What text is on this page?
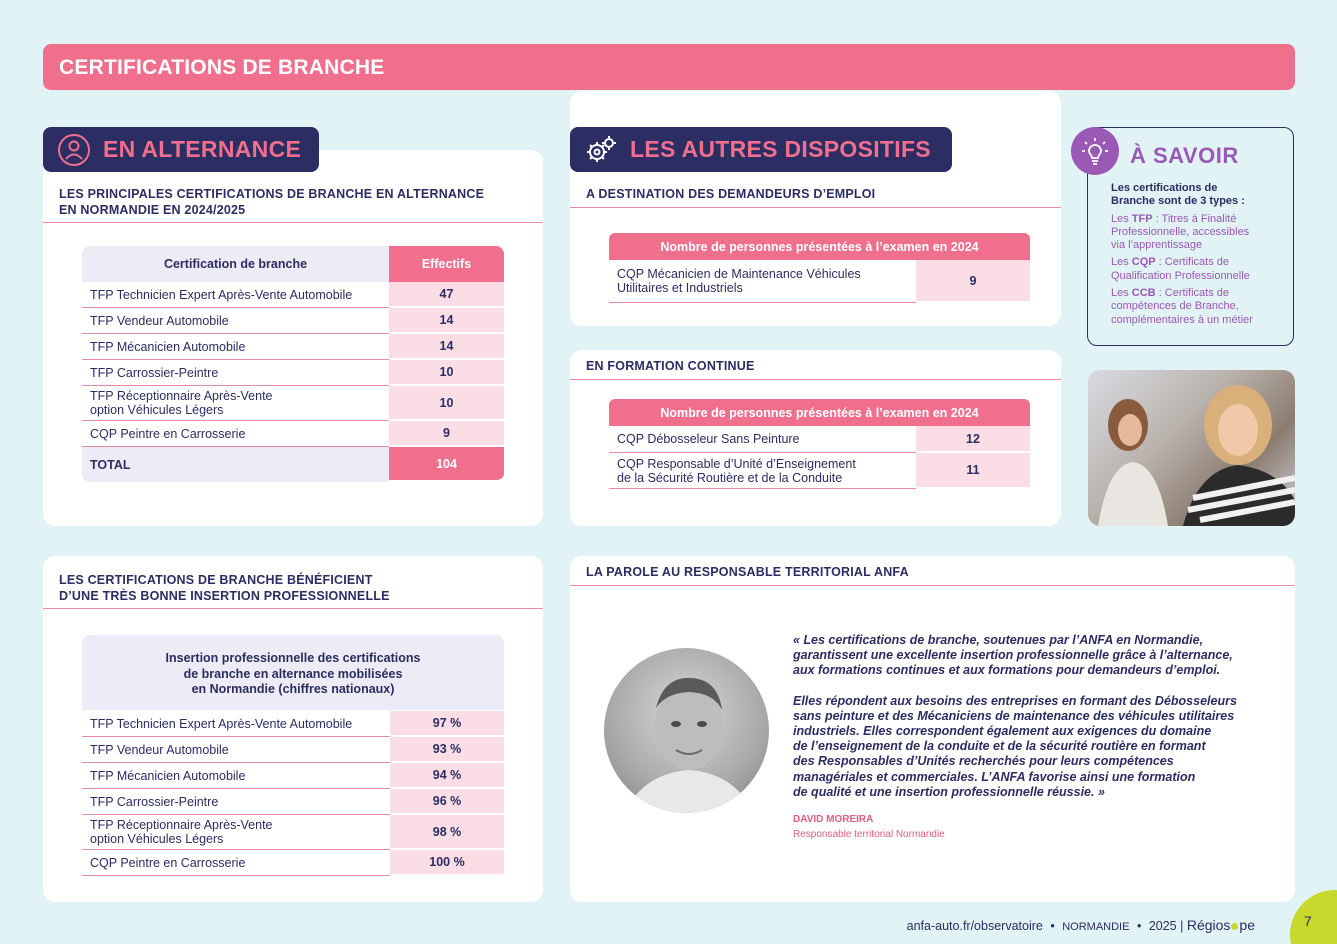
CERTIFICATIONS DE BRANCHE
EN ALTERNANCE
LES PRINCIPALES CERTIFICATIONS DE BRANCHE EN ALTERNANCE
EN NORMANDIE EN 2024/2025
Certification de branche	Effectifs

TFP Technicien Expert Après-Vente Automobile	47

TFP Vendeur Automobile	14

TFP Mécanicien Automobile	14

TFP Carrossier-Peintre	10

TFP Réceptionnaire Après-Vente
option Véhicules Légers	10

CQP Peintre en Carrosserie	9
TOTAL	104
LES AUTRES DISPOSITIFS
A DESTINATION DES DEMANDEURS D’EMPLOI
Nombre de personnes présentées à l’examen en 2024

CQP Mécanicien de Maintenance Véhicules
Utilitaires et Industriels
	9
EN FORMATION CONTINUE
Nombre de personnes présentées à l’examen en 2024	

CQP Débosseleur Sans Peinture	12

CQP Responsable d’Unité d’Enseignement
de la Sécurité Routière et de la Conduite	11
À SAVOIR
Les certifications de
Branche sont de 3 types :
Les TFP : Titres à Finalité
Professionnelle, accessibles
via l’apprentissage
Les CQP : Certificats de
Qualification Professionnelle
Les CCB : Certificats de
compétences de Branche,
complémentaires à un métier
LES CERTIFICATIONS DE BRANCHE BÉNÉFICIENT
D’UNE TRÈS BONNE INSERTION PROFESSIONNELLE
Insertion professionnelle des certifications
de branche en alternance mobilisées
en Normandie (chiffres nationaux)
TFP Technicien Expert Après-Vente Automobile	97 %

TFP Vendeur Automobile	93 %

TFP Mécanicien Automobile	94 %

TFP Carrossier-Peintre	96 %

TFP Réceptionnaire Après-Vente
option Véhicules Légers	98 %

CQP Peintre en Carrosserie	100 %
LA PAROLE AU RESPONSABLE TERRITORIAL ANFA
« Les certifications de branche, soutenues par l’ANFA en Normandie,
garantissent une excellente insertion professionnelle grâce à l’alternance,
aux formations continues et aux formations pour demandeurs d’emploi.
Elles répondent aux besoins des entreprises en formant des Débosseleurs
sans peinture et des Mécaniciens de maintenance des véhicules utilitaires
industriels. Elles correspondent également aux exigences du domaine
de l’enseignement de la conduite et de la sécurité routière en formant
des Responsables d’Unités recherchés pour leurs compétences
managériales et commerciales. L’ANFA favorise ainsi une formation
de qualité et une insertion professionnelle réussie. »
DAVID MOREIRA
Responsable territorial Normandie
anfa-auto.fr/observatoire • NORMANDIE • 2025 | Régios pe	7
